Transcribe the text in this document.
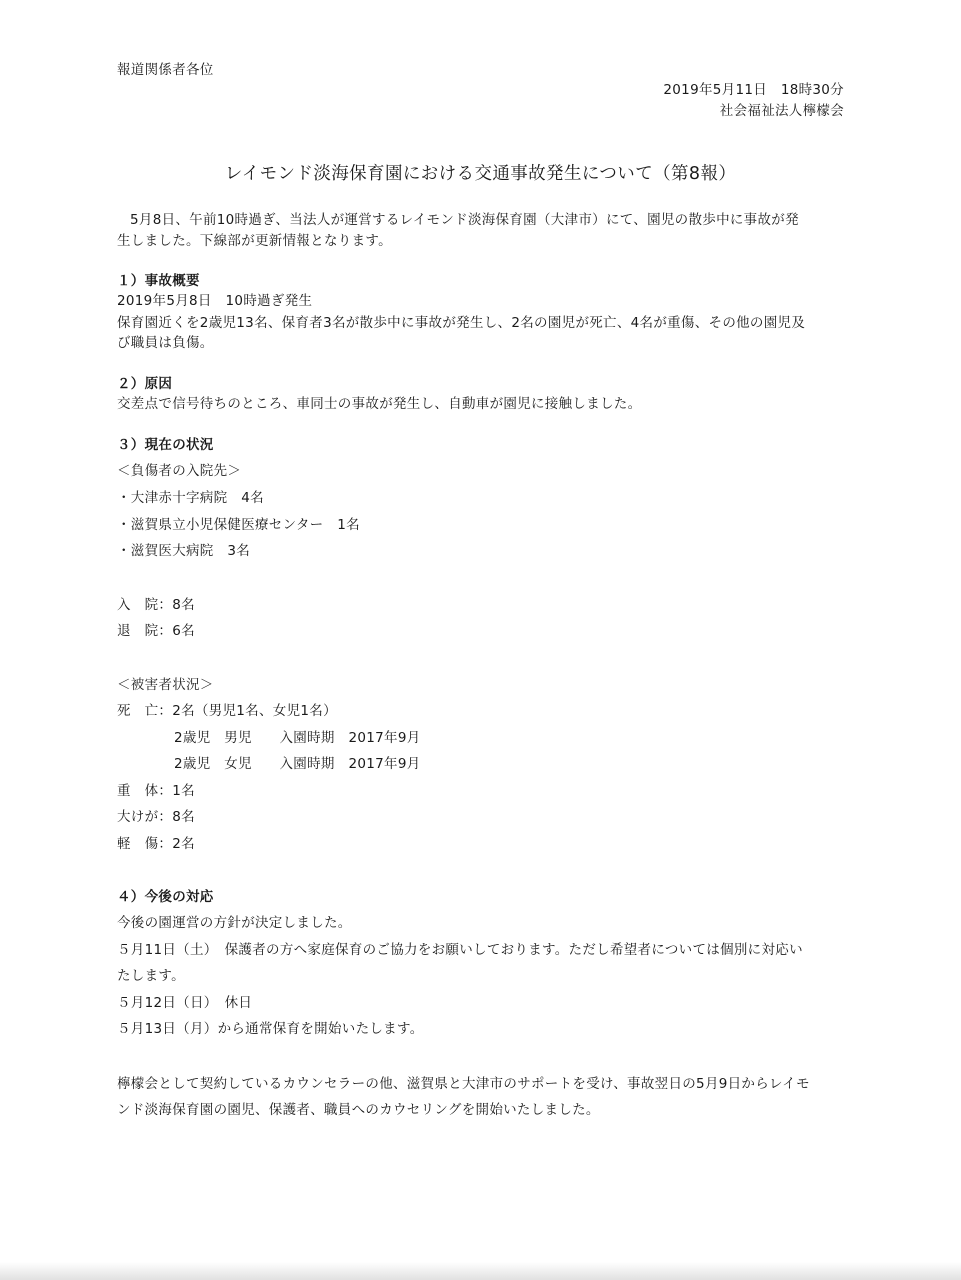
報道関係者各位
2019年5月11日　18時30分
社会福祉法人檸檬会
レイモンド淡海保育園における交通事故発生について（第8報）
5月8日、午前10時過ぎ、当法人が運営するレイモンド淡海保育園（大津市）にて、園児の散歩中に事故が発
生しました。下線部が更新情報となります。
１）事故概要
2019年5月8日　10時過ぎ発生
保育園近くを2歳児13名、保育者3名が散歩中に事故が発生し、2名の園児が死亡、4名が重傷、その他の園児及
び職員は負傷。
２）原因
交差点で信号待ちのところ、車同士の事故が発生し、自動車が園児に接触しました。
３）現在の状況
＜負傷者の入院先＞
・大津赤十字病院　4名
・滋賀県立小児保健医療センター　1名
・滋賀医大病院　3名
入　院：8名
退　院：6名
＜被害者状況＞
死　亡：2名（男児1名、女児1名）
2歳児　男児　　入園時期　2017年9月
2歳児　女児　　入園時期　2017年9月
重　体：1名
大けが：8名
軽　傷：2名
４）今後の対応
今後の園運営の方針が決定しました。
５月11日（土）　保護者の方へ家庭保育のご協力をお願いしております。ただし希望者については個別に対応い
たします。
５月12日（日）　休日
５月13日（月）から通常保育を開始いたします。
檸檬会として契約しているカウンセラーの他、滋賀県と大津市のサポートを受け、事故翌日の5月9日からレイモ
ンド淡海保育園の園児、保護者、職員へのカウセリングを開始いたしました。
